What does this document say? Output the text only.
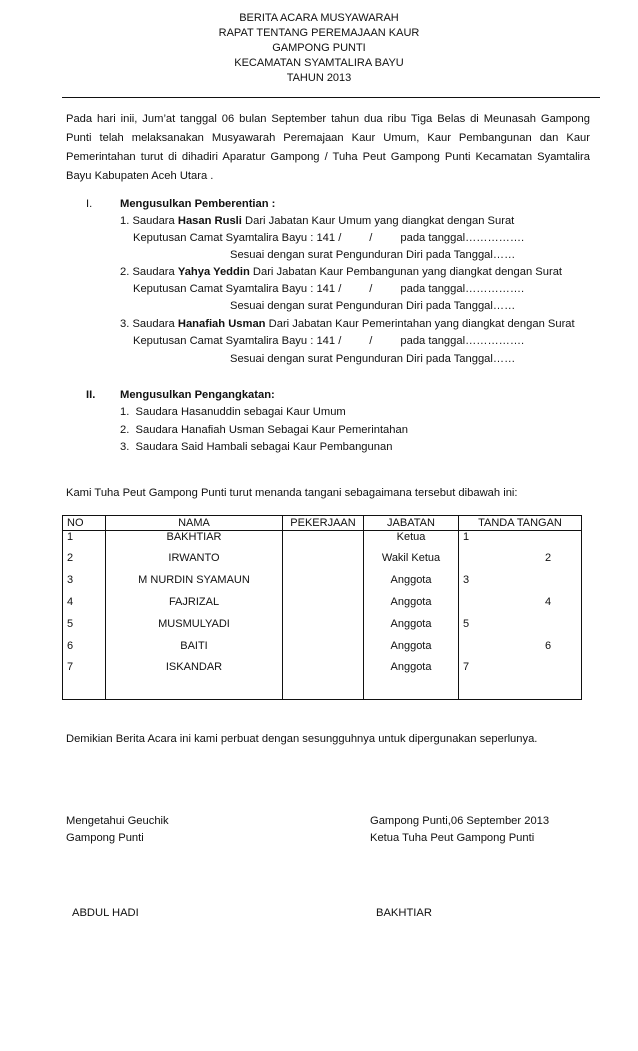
BERITA ACARA MUSYAWARAH
RAPAT TENTANG PEREMAJAAN KAUR
GAMPONG PUNTI
KECAMATAN SYAMTALIRA BAYU
TAHUN 2013
Pada hari inii, Jum’at tanggal 06 bulan September tahun dua ribu Tiga Belas di Meunasah Gampong Punti telah melaksanakan Musyawarah Peremajaan Kaur Umum, Kaur Pembangunan dan Kaur Pemerintahan turut di dihadiri Aparatur Gampong / Tuha Peut Gampong Punti Kecamatan Syamtalira Bayu Kabupaten Aceh Utara .
I. Mengusulkan Pemberentian :
1. Saudara Hasan Rusli Dari Jabatan Kaur Umum yang diangkat dengan Surat
Keputusan Camat Syamtalira Bayu : 141 /         /         pada tanggal…………….
Sesuai dengan surat Pengunduran Diri pada Tanggal……
2. Saudara Yahya Yeddin Dari Jabatan Kaur Pembangunan yang diangkat dengan Surat
Keputusan Camat Syamtalira Bayu : 141 /         /         pada tanggal…………….
Sesuai dengan surat Pengunduran Diri pada Tanggal……
3. Saudara Hanafiah Usman Dari Jabatan Kaur Pemerintahan yang diangkat dengan Surat
Keputusan Camat Syamtalira Bayu : 141 /         /         pada tanggal…………….
Sesuai dengan surat Pengunduran Diri pada Tanggal……
II. Mengusulkan Pengangkatan:
1.  Saudara Hasanuddin sebagai Kaur Umum
2.  Saudara Hanafiah Usman Sebagai Kaur Pemerintahan
3.  Saudara Said Hambali sebagai Kaur Pembangunan
Kami Tuha Peut Gampong Punti turut menanda tangani sebagaimana tersebut dibawah ini:
NO	NAMA	PEKERJAAN	JABATAN	TANDA TANGAN
1	BAKHTIAR		Ketua	1
2	IRWANTO		Wakil Ketua	2
3	M NURDIN SYAMAUN		Anggota	3
4	FAJRIZAL		Anggota	4
5	MUSMULYADI		Anggota	5
6	BAITI		Anggota	6
7	ISKANDAR		Anggota	7
Demikian Berita Acara ini kami perbuat dengan sesungguhnya untuk dipergunakan seperlunya.
Mengetahui Geuchik
Gampong Punti
Gampong Punti,06 September 2013
Ketua Tuha Peut Gampong Punti
ABDUL HADI	BAKHTIAR
